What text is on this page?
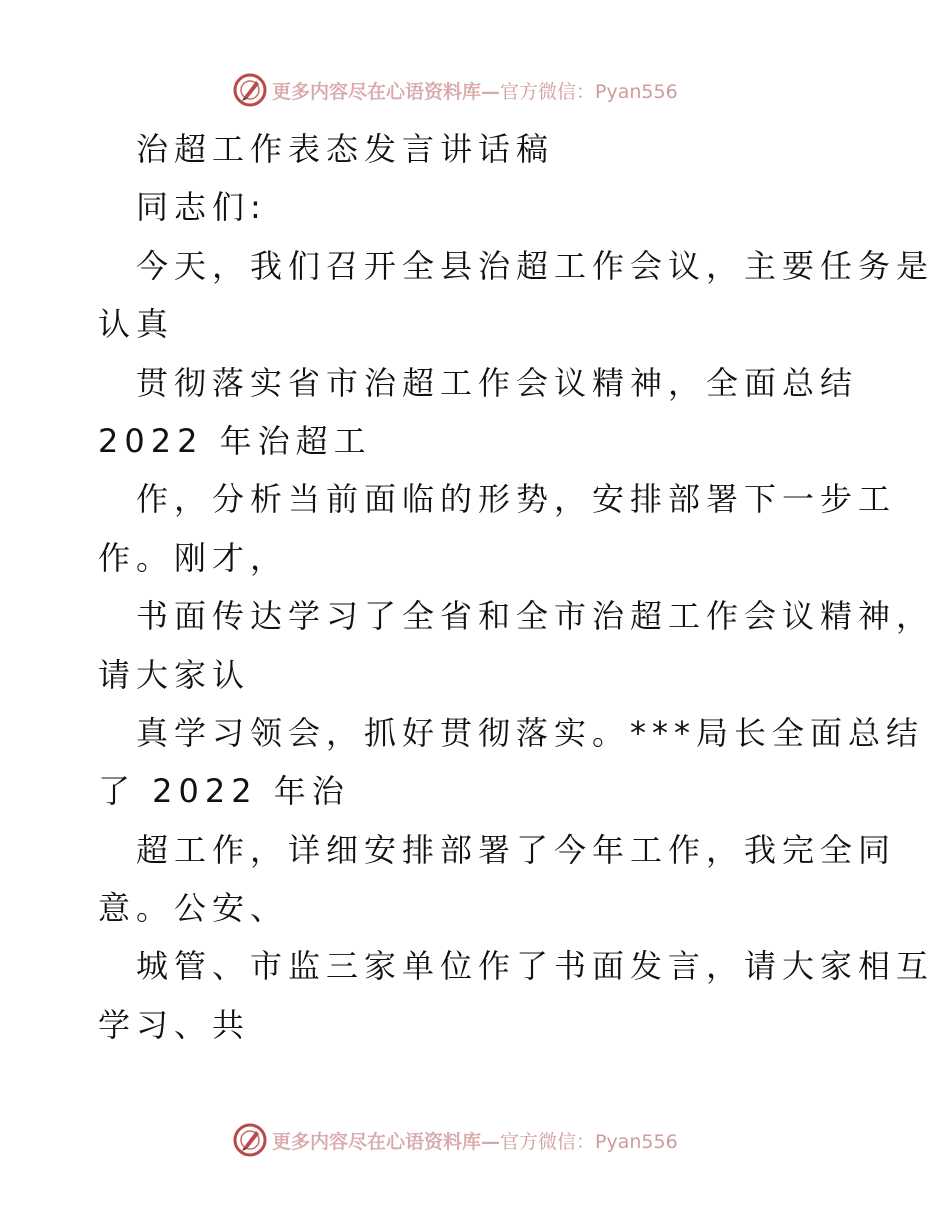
更多内容尽在心语资料库— 官方微信：Pyan556
治超工作表态发言讲话稿
同志们:
今天，我们召开全县治超工作会议，主要任务是
认真
贯彻落实省市治超工作会议精神，全面总结
2022 年治超工
作，分析当前面临的形势，安排部署下一步工
作。刚才，
书面传达学习了全省和全市治超工作会议精神，
请大家认
真学习领会，抓好贯彻落实。***局长全面总结
了 2022 年治
超工作，详细安排部署了今年工作，我完全同
意。公安、
城管、市监三家单位作了书面发言，请大家相互
学习、共
更多内容尽在心语资料库— 官方微信：Pyan556
